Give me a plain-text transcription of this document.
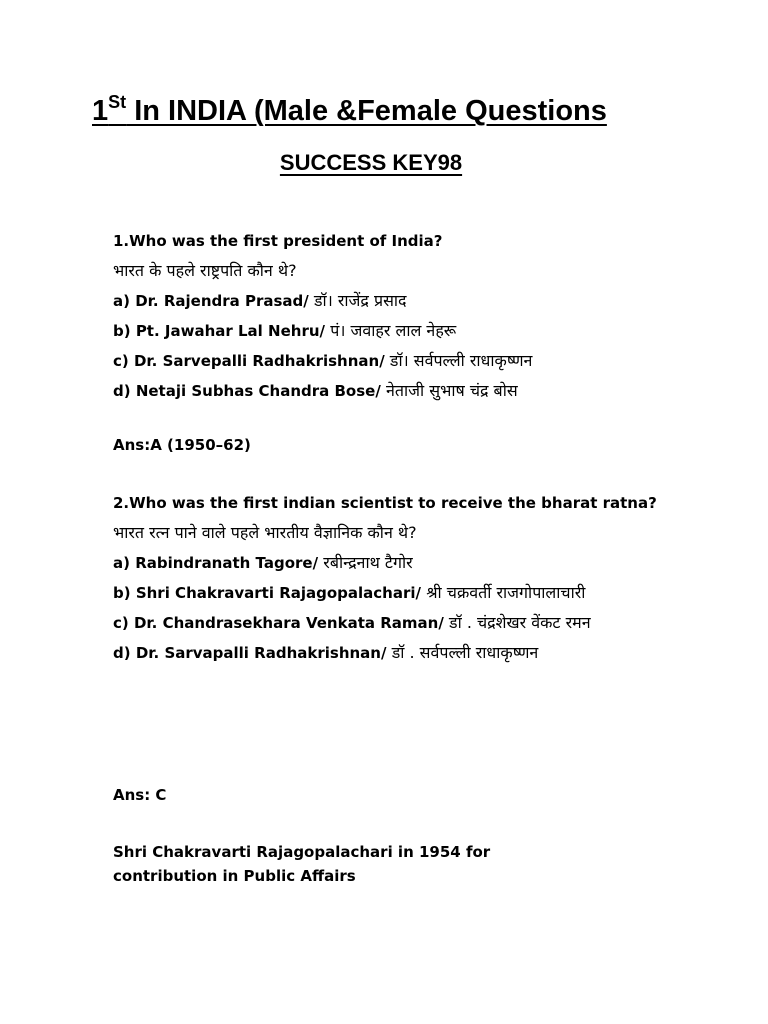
1St In INDIA (Male &Female Questions
SUCCESS KEY98
1.Who was the first president of India?
भारत के पहले राष्ट्रपति कौन थे?
a) Dr. Rajendra Prasad/ डॉ। राजेंद्र प्रसाद
b) Pt. Jawahar Lal Nehru/ पं। जवाहर लाल नेहरू
c) Dr. Sarvepalli Radhakrishnan/ डॉ। सर्वपल्ली राधाकृष्णन
d) Netaji Subhas Chandra Bose/ नेताजी सुभाष चंद्र बोस
Ans:A (1950–62)
2.Who was the first indian scientist to receive the bharat ratna?
भारत रत्न पाने वाले पहले भारतीय वैज्ञानिक कौन थे?
a) Rabindranath Tagore/ रबीन्द्रनाथ टैगोर
b) Shri Chakravarti Rajagopalachari/ श्री चक्रवर्ती राजगोपालाचारी
c) Dr. Chandrasekhara Venkata Raman/ डॉ . चंद्रशेखर वेंकट रमन
d) Dr. Sarvapalli Radhakrishnan/ डॉ . सर्वपल्ली राधाकृष्णन
Ans: C
Shri Chakravarti Rajagopalachari in 1954 for contribution in Public Affairs
